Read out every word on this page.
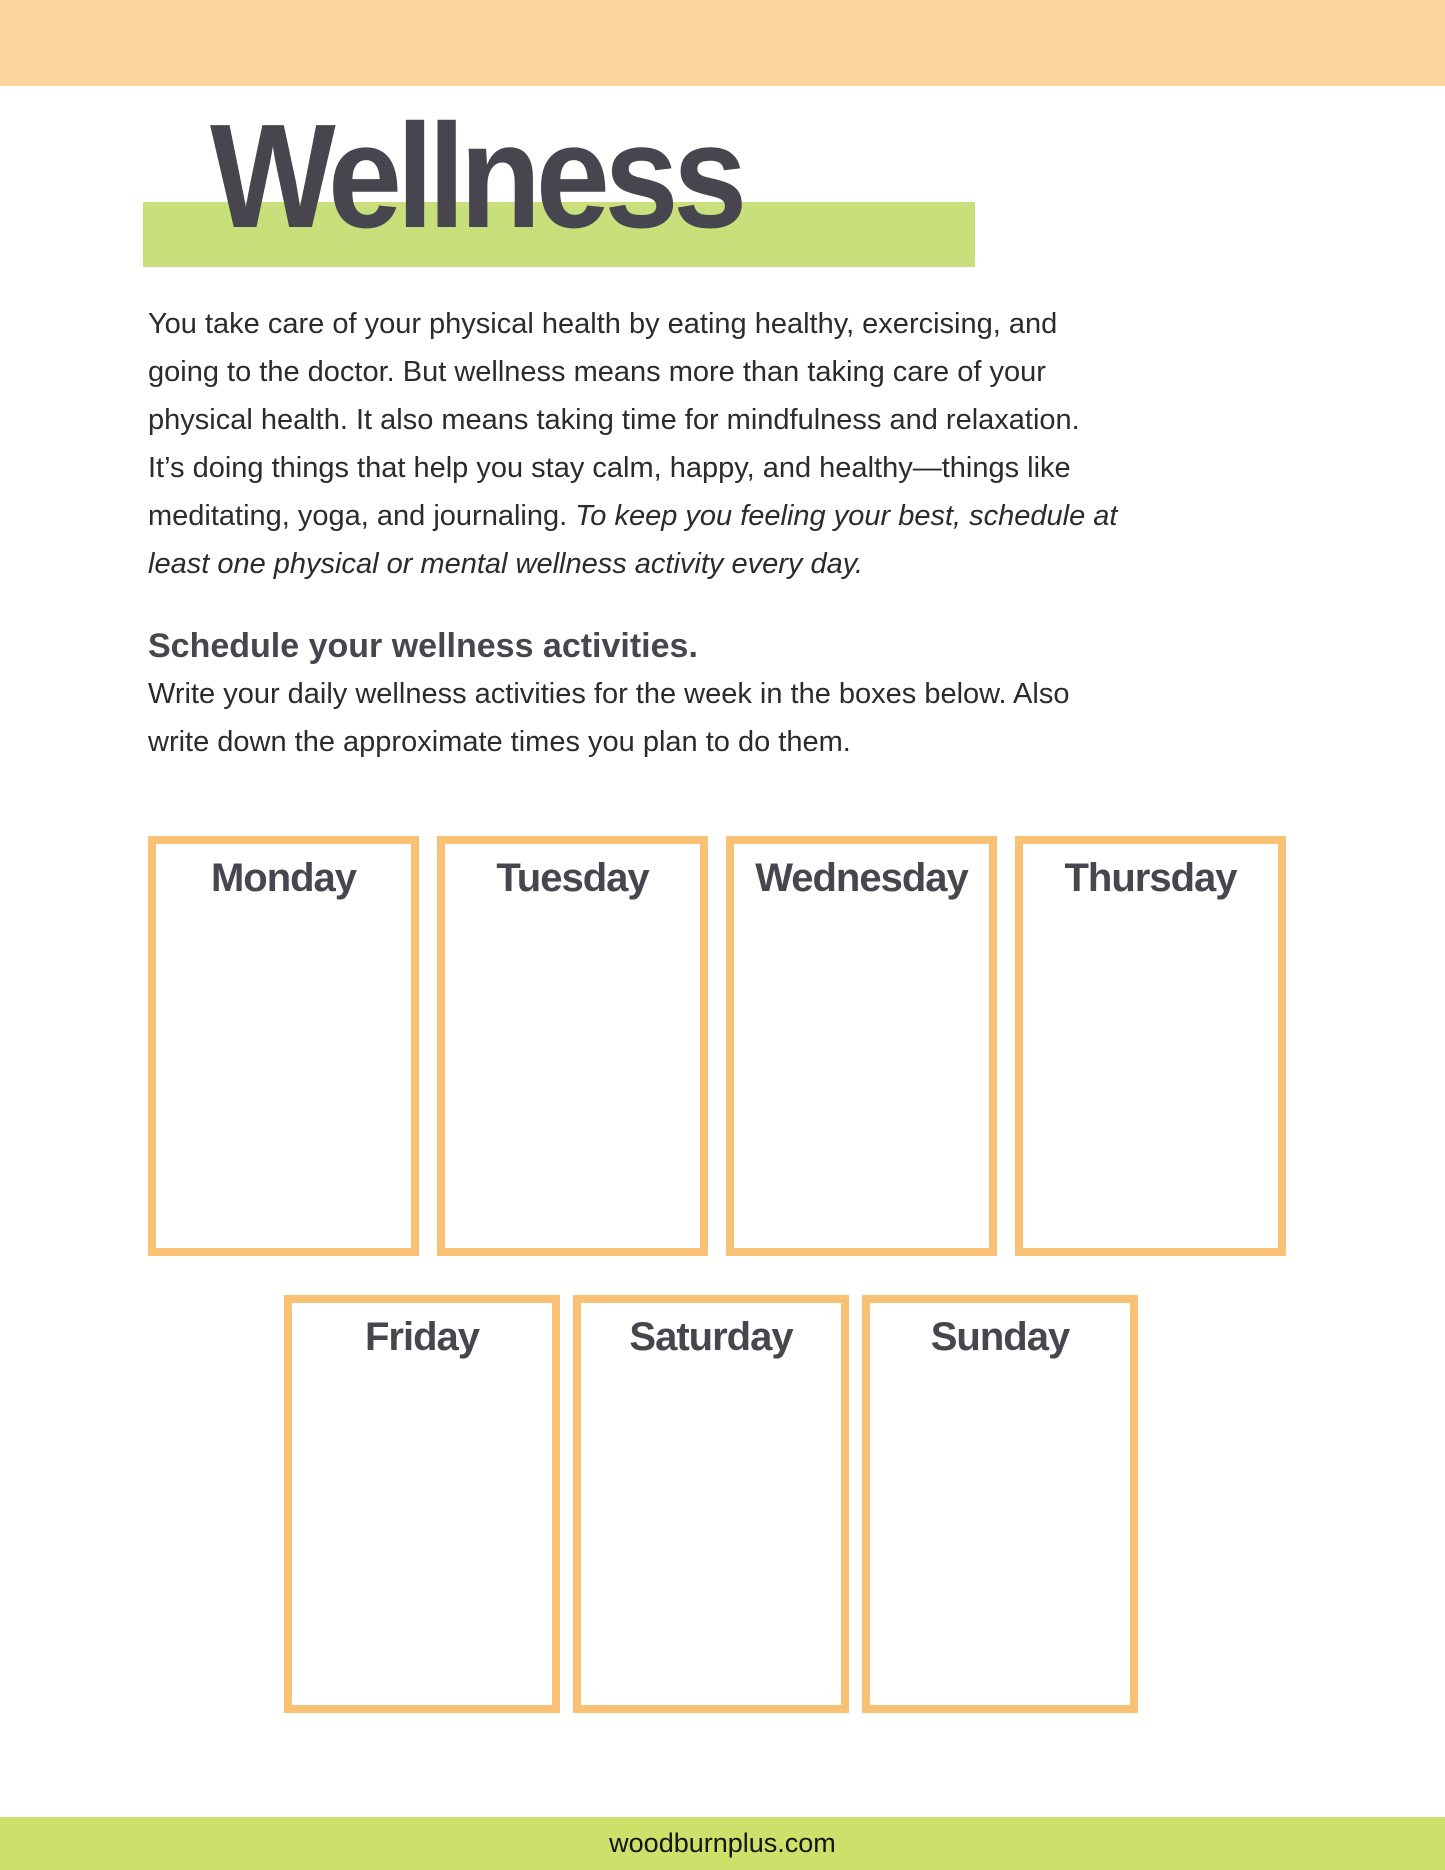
Wellness
You take care of your physical health by eating healthy, exercising, and
going to the doctor. But wellness means more than taking care of your
physical health. It also means taking time for mindfulness and relaxation.
It’s doing things that help you stay calm, happy, and healthy—things like
meditating, yoga, and journaling. To keep you feeling your best, schedule at
least one physical or mental wellness activity every day.
Schedule your wellness activities.
Write your daily wellness activities for the week in the boxes below. Also
write down the approximate times you plan to do them.
Monday	Tuesday	Wednesday	Thursday
Friday	Saturday	Sunday
woodburnplus.com
